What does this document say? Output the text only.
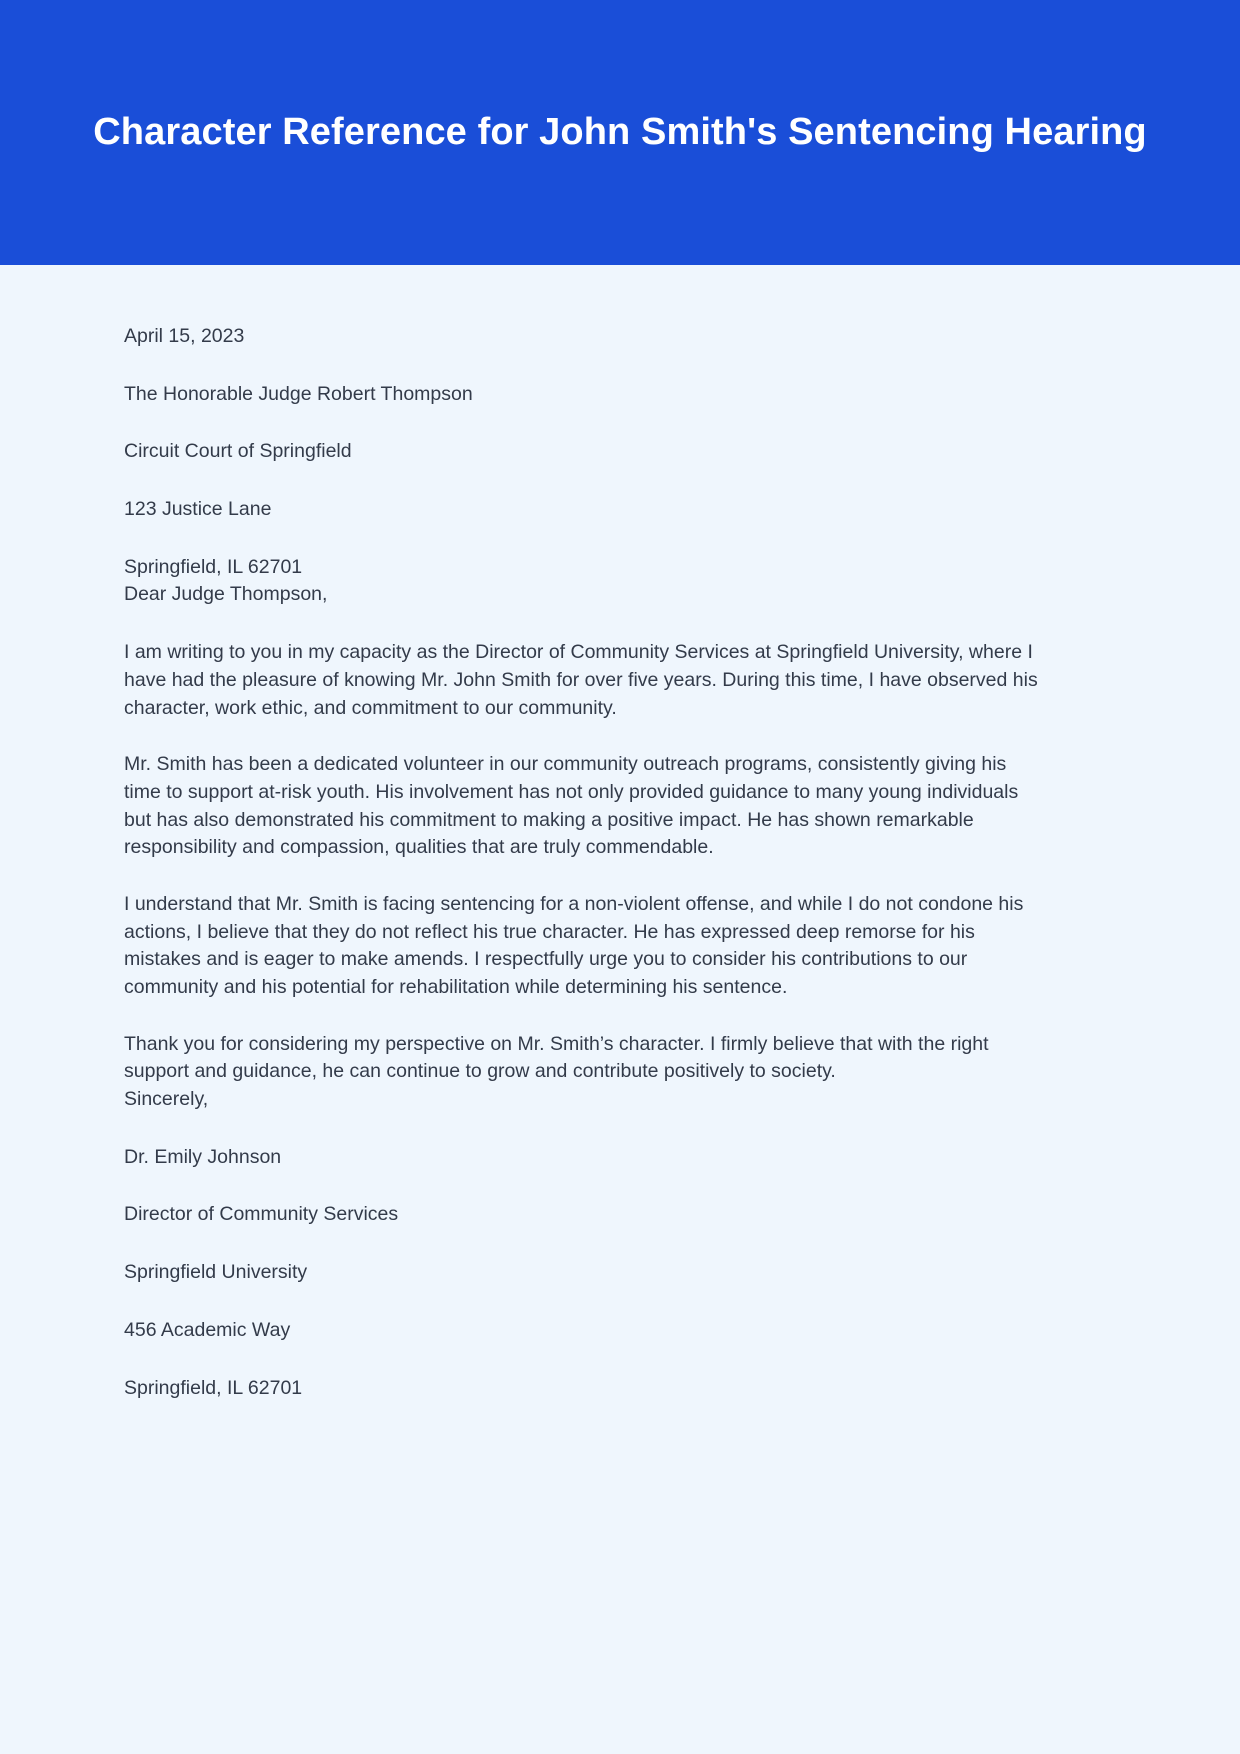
Character Reference for John Smith's Sentencing Hearing

April 15, 2023

The Honorable Judge Robert Thompson

Circuit Court of Springfield

123 Justice Lane

Springfield, IL 62701

Dear Judge Thompson,

I am writing to you in my capacity as the Director of Community Services at Springfield University, where I have had the pleasure of knowing Mr. John Smith for over five years. During this time, I have observed his character, work ethic, and commitment to our community.

Mr. Smith has been a dedicated volunteer in our community outreach programs, consistently giving his time to support at-risk youth. His involvement has not only provided guidance to many young individuals but has also demonstrated his commitment to making a positive impact. He has shown remarkable responsibility and compassion, qualities that are truly commendable.

I understand that Mr. Smith is facing sentencing for a non-violent offense, and while I do not condone his actions, I believe that they do not reflect his true character. He has expressed deep remorse for his mistakes and is eager to make amends. I respectfully urge you to consider his contributions to our community and his potential for rehabilitation while determining his sentence.

Thank you for considering my perspective on Mr. Smith’s character. I firmly believe that with the right support and guidance, he can continue to grow and contribute positively to society.

Sincerely,

Dr. Emily Johnson

Director of Community Services

Springfield University

456 Academic Way

Springfield, IL 62701
